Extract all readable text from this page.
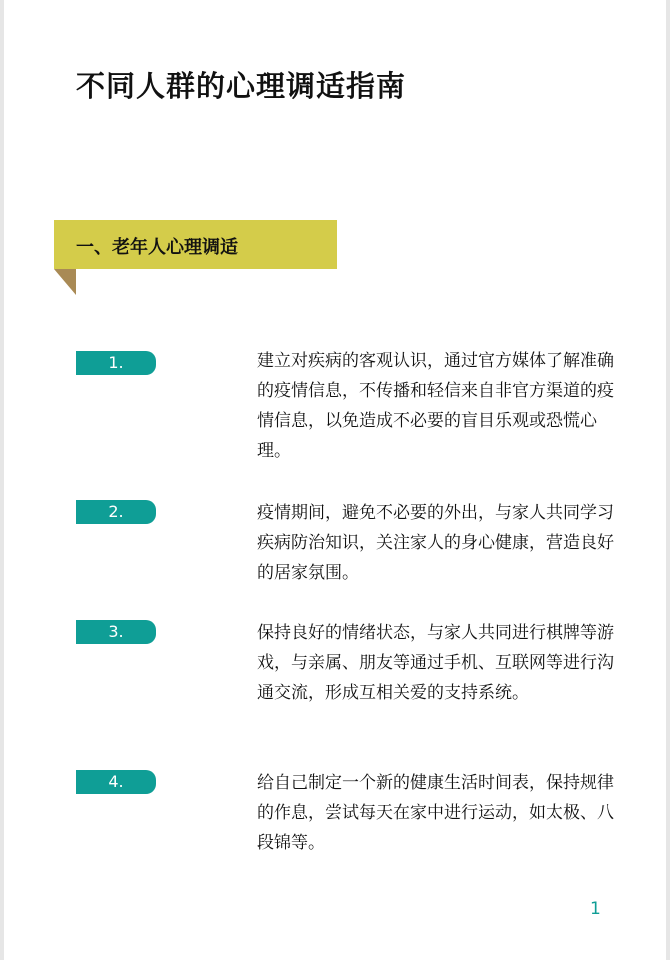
不同人群的心理调适指南
一、老年人心理调适
1.	建立对疾病的客观认识，通过官方媒体了解准确的疫情信息，不传播和轻信来自非官方渠道的疫情信息，以免造成不必要的盲目乐观或恐慌心理。

2.	疫情期间，避免不必要的外出，与家人共同学习疾病防治知识，关注家人的身心健康，营造良好的居家氛围。

3.	保持良好的情绪状态，与家人共同进行棋牌等游戏，与亲属、朋友等通过手机、互联网等进行沟通交流，形成互相关爱的支持系统。

4.	给自己制定一个新的健康生活时间表，保持规律的作息，尝试每天在家中进行运动，如太极、八段锦等。

1
